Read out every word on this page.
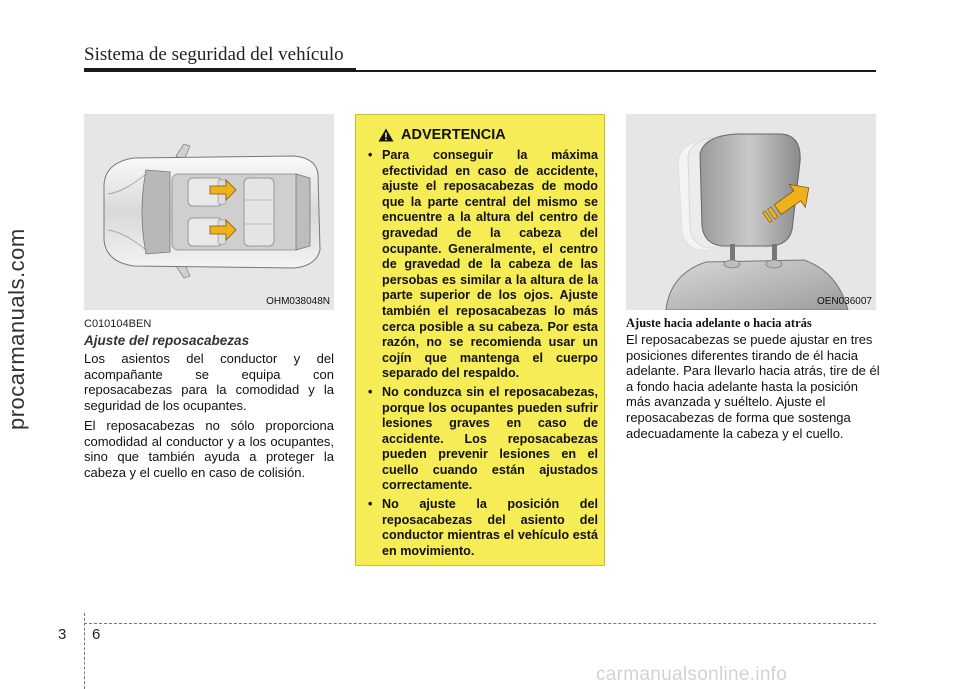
Sistema de seguridad del vehículo
procarmanuals.com	OHM038048N
C010104BEN
Ajuste del reposacabezas

Los asientos del conductor y del acompañante se equipa con reposacabezas para la comodidad y la seguridad de los ocupantes.

El reposacabezas no sólo proporciona comodidad al conductor y a los ocupantes, sino que también ayuda a proteger la cabeza y el cuello en caso de colisión.

ADVERTENCIA
• Para conseguir la máxima efectividad en caso de accidente, ajuste el reposacabezas de modo que la parte central del mismo se encuentre a la altura del centro de gravedad de la cabeza del ocupante. Generalmente, el centro de gravedad de la cabeza de las persobas es similar a la altura de la parte superior de los ojos. Ajuste también el reposacabezas lo más cerca posible a su cabeza. Por esta razón, no se recomienda usar un cojín que mantenga el cuerpo separado del respaldo.
• No conduzca sin el reposacabezas, porque los ocupantes pueden sufrir lesiones graves en caso de accidente. Los reposacabezas pueden prevenir lesiones en el cuello cuando están ajustados correctamente.
• No ajuste la posición del reposacabezas del asiento del conductor mientras el vehículo está en movimiento.
OEN036007
Ajuste hacia adelante o hacia atrás

El reposacabezas se puede ajustar en tres posiciones diferentes tirando de él hacia adelante. Para llevarlo hacia atrás, tire de él a fondo hacia adelante hasta la posición más avanzada y suéltelo. Ajuste el reposacabezas de forma que sostenga adecuadamente la cabeza y el cuello.

3 6
carmanualsonline.info
